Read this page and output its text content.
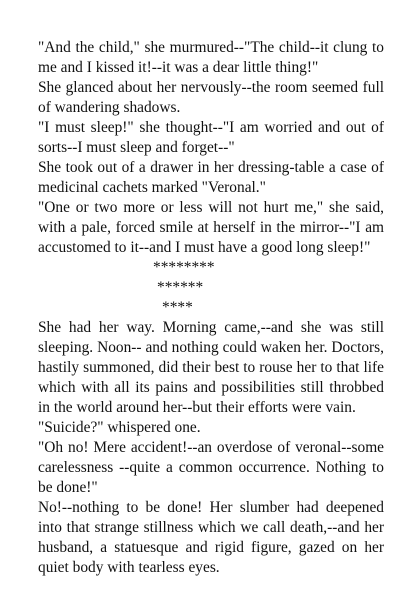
"And the child," she murmured--"The child--it clung to me and I kissed it!--it was a dear little thing!"

She glanced about her nervously--the room seemed full of wandering shadows.

"I must sleep!" she thought--"I am worried and out of sorts--I must sleep and forget--"

She took out of a drawer in her dressing-table a case of medicinal cachets marked "Veronal."

"One or two more or less will not hurt me," she said, with a pale, forced smile at herself in the mirror--"I am accustomed to it--and I must have a good long sleep!"

********

******

****

She had her way. Morning came,--and she was still sleeping. Noon-- and nothing could waken her. Doctors, hastily summoned, did their best to rouse her to that life which with all its pains and possibilities still throbbed in the world around her--but their efforts were vain.

"Suicide?" whispered one.

"Oh no! Mere accident!--an overdose of veronal--some carelessness --quite a common occurrence. Nothing to be done!"

No!--nothing to be done! Her slumber had deepened into that strange stillness which we call death,--and her husband, a statuesque and rigid figure, gazed on her quiet body with tearless eyes.
